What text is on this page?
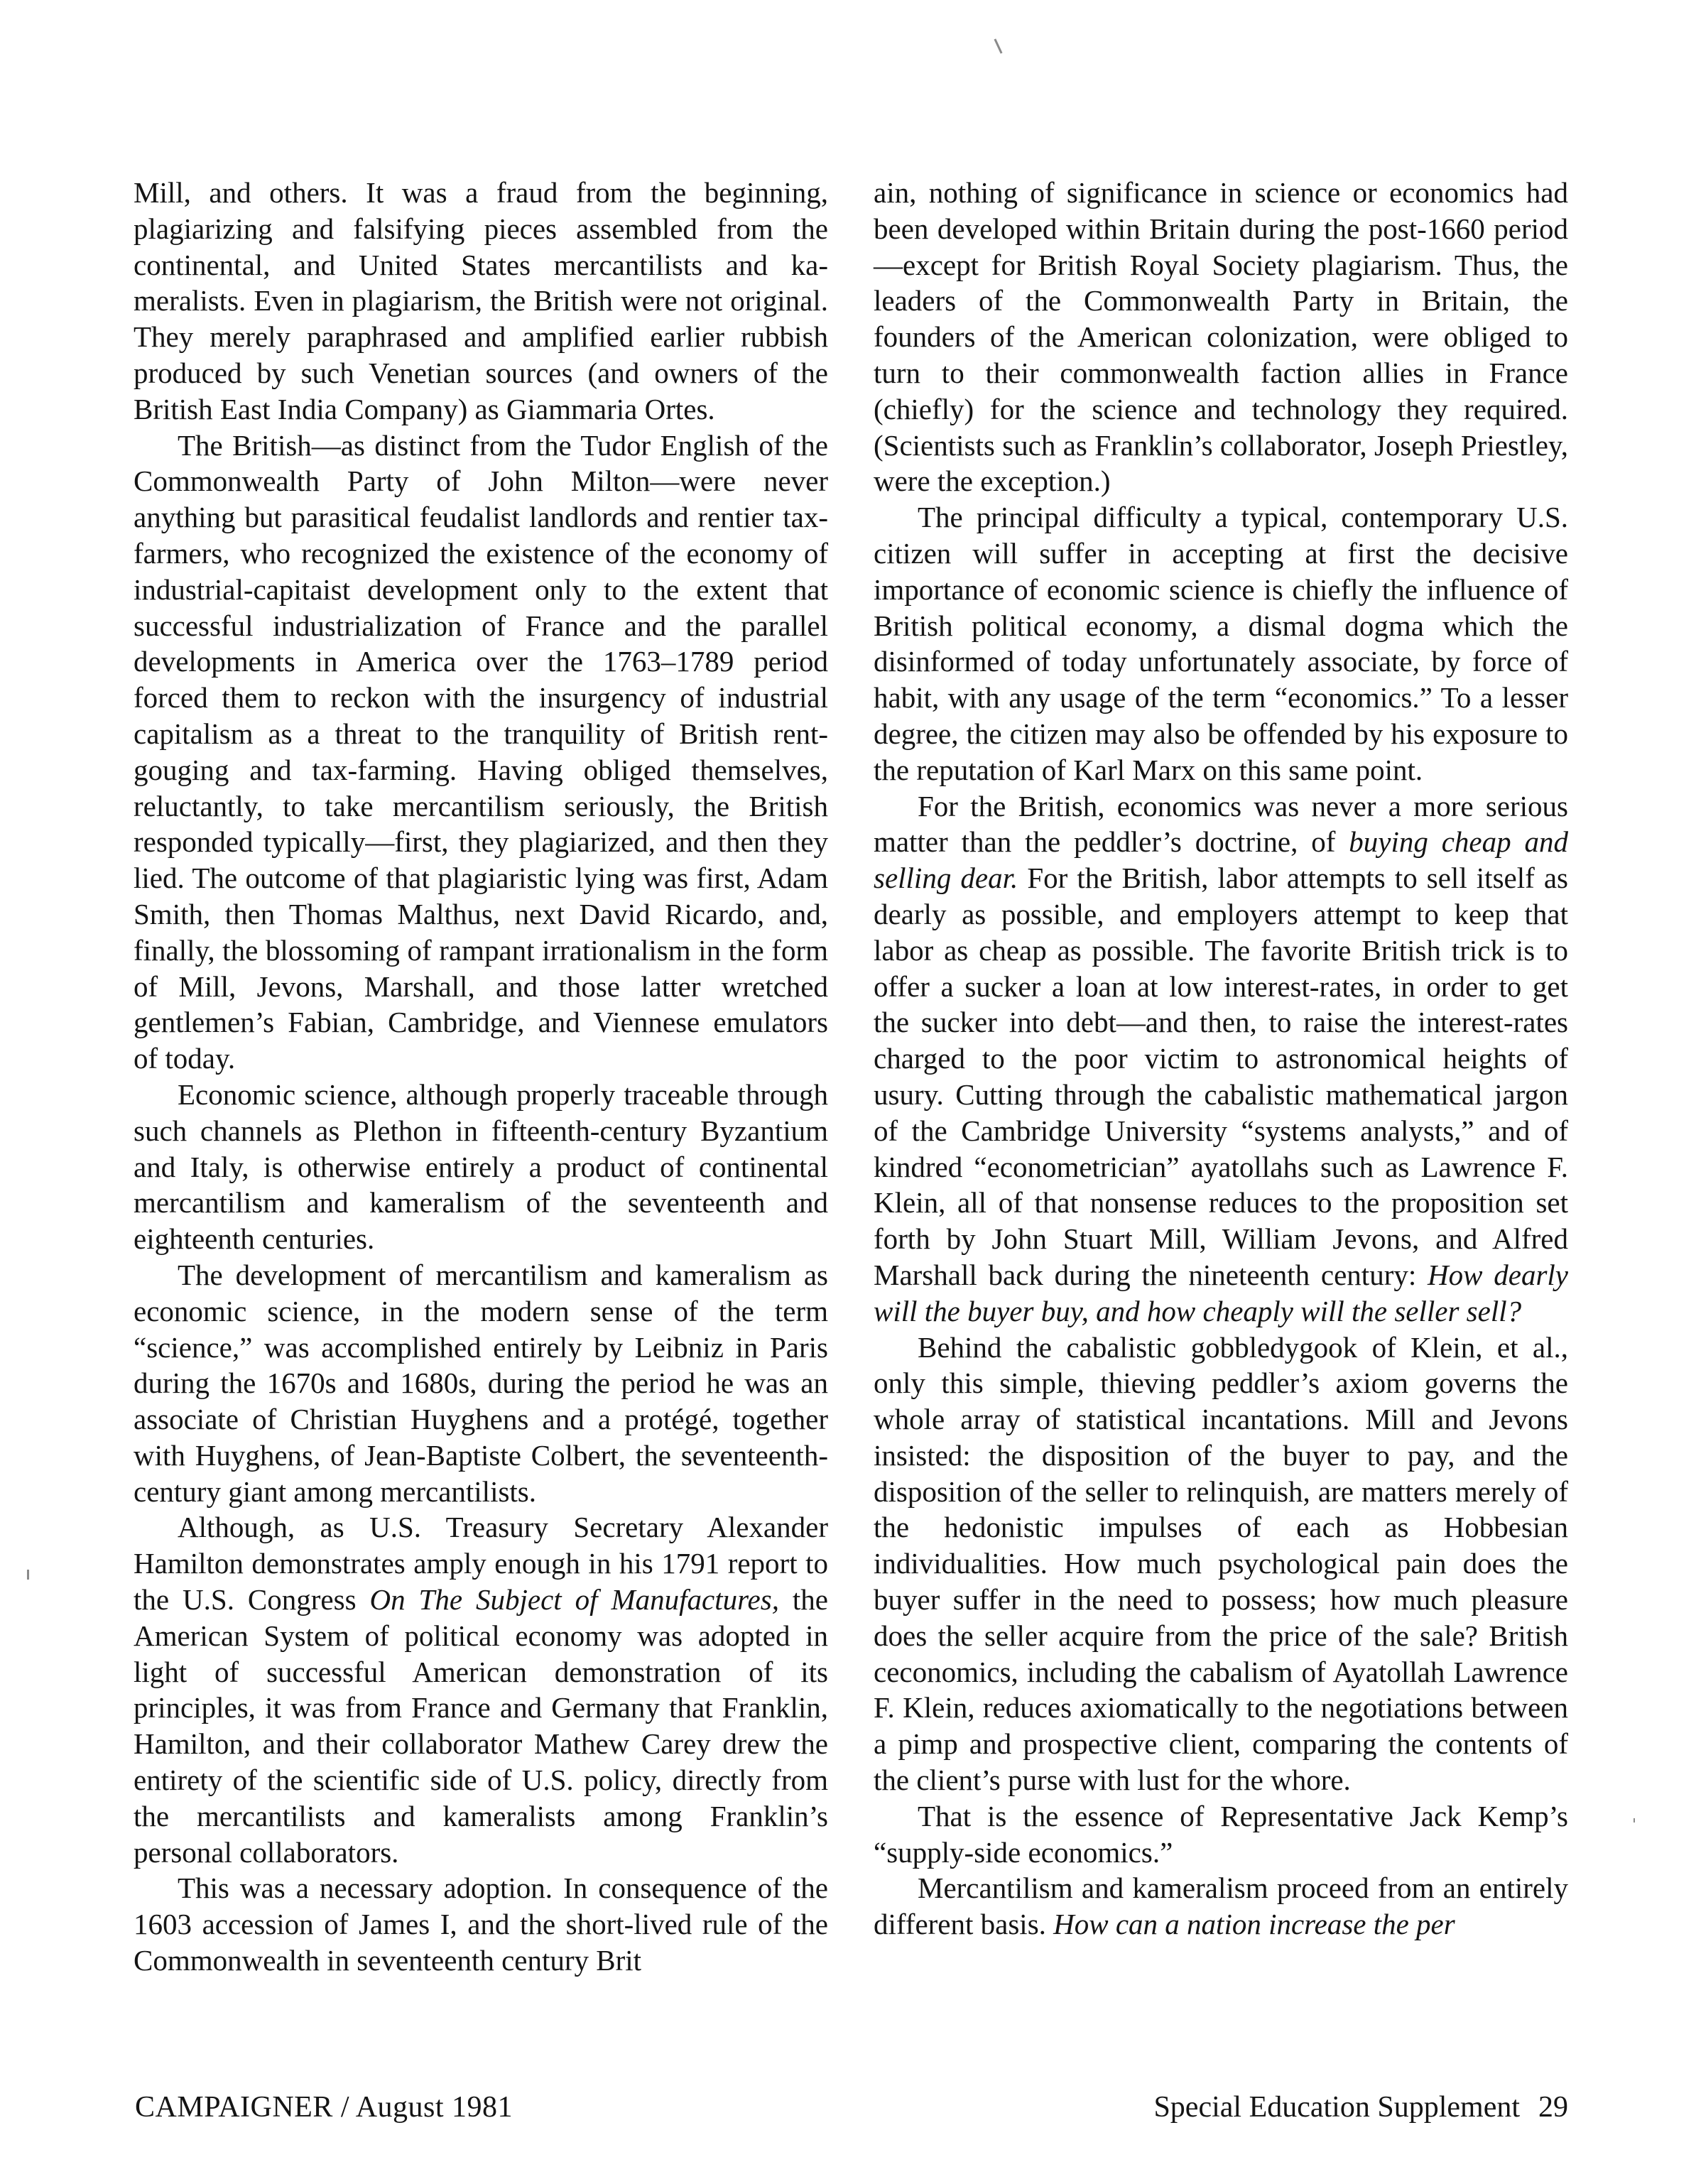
Mill, and others. It was a fraud from the beginning, plagiarizing and falsifying pieces assembled from the continental, and United States mercantilists and kameralists. Even in plagiarism, the British were not original. They merely paraphrased and amplified earlier rubbish produced by such Venetian sources (and owners of the British East India Company) as Giammaria Ortes.

The British—as distinct from the Tudor English of the Commonwealth Party of John Milton—were never anything but parasitical feudalist landlords and rentier tax-farmers, who recognized the existence of the economy of industrial-capitaist development only to the extent that successful industrialization of France and the parallel developments in America over the 1763–1789 period forced them to reckon with the insurgency of industrial capitalism as a threat to the tranquility of British rent-gouging and tax-farming. Having obliged themselves, reluctantly, to take mercantilism seriously, the British responded typically—first, they plagiarized, and then they lied. The outcome of that plagiaristic lying was first, Adam Smith, then Thomas Malthus, next David Ricardo, and, finally, the blossoming of rampant irrationalism in the form of Mill, Jevons, Marshall, and those latter wretched gentlemen’s Fabian, Cambridge, and Viennese emulators of today.

Economic science, although properly traceable through such channels as Plethon in fifteenth-century Byzantium and Italy, is otherwise entirely a product of continental mercantilism and kameralism of the seventeenth and eighteenth centuries.

The development of mercantilism and kameralism as economic science, in the modern sense of the term “science,” was accomplished entirely by Leibniz in Paris during the 1670s and 1680s, during the period he was an associate of Christian Huyghens and a protégé, together with Huyghens, of Jean-Baptiste Colbert, the seventeenth-century giant among mercantilists.

Although, as U.S. Treasury Secretary Alexander Hamilton demonstrates amply enough in his 1791 report to the U.S. Congress On The Subject of Manufactures, the American System of political economy was adopted in light of successful American demonstration of its principles, it was from France and Germany that Franklin, Hamilton, and their collaborator Mathew Carey drew the entirety of the scientific side of U.S. policy, directly from the mercantilists and kameralists among Franklin’s personal collaborators.

This was a necessary adoption. In consequence of the 1603 accession of James I, and the short-lived rule of the Commonwealth in seventeenth century Brit

ain, nothing of significance in science or economics had been developed within Britain during the post-1660 period—except for British Royal Society plagiarism. Thus, the leaders of the Commonwealth Party in Britain, the founders of the American colonization, were obliged to turn to their commonwealth faction allies in France (chiefly) for the science and technology they required. (Scientists such as Franklin’s collaborator, Joseph Priestley, were the exception.)

The principal difficulty a typical, contemporary U.S. citizen will suffer in accepting at first the decisive importance of economic science is chiefly the influence of British political economy, a dismal dogma which the disinformed of today unfortunately associate, by force of habit, with any usage of the term “economics.” To a lesser degree, the citizen may also be offended by his exposure to the reputation of Karl Marx on this same point.

For the British, economics was never a more serious matter than the peddler’s doctrine, of buying cheap and selling dear. For the British, labor attempts to sell itself as dearly as possible, and employers attempt to keep that labor as cheap as possible. The favorite British trick is to offer a sucker a loan at low interest-rates, in order to get the sucker into debt—and then, to raise the interest-rates charged to the poor victim to astronomical heights of usury. Cutting through the cabalistic mathematical jargon of the Cambridge University “systems analysts,” and of kindred “econometrician” ayatollahs such as Lawrence F. Klein, all of that nonsense reduces to the proposition set forth by John Stuart Mill, William Jevons, and Alfred Marshall back during the nineteenth century: How dearly will the buyer buy, and how cheaply will the seller sell?

Behind the cabalistic gobbledygook of Klein, et al., only this simple, thieving peddler’s axiom governs the whole array of statistical incantations. Mill and Jevons insisted: the disposition of the buyer to pay, and the disposition of the seller to relinquish, are matters merely of the hedonistic impulses of each as Hobbesian individualities. How much psychological pain does the buyer suffer in the need to possess; how much pleasure does the seller acquire from the price of the sale? British ceconomics, including the cabalism of Ayatollah Lawrence F. Klein, reduces axiomatically to the negotiations between a pimp and prospective client, comparing the contents of the client’s purse with lust for the whore.

That is the essence of Representative Jack Kemp’s “supply-side economics.”

Mercantilism and kameralism proceed from an entirely different basis. How can a nation increase the per

CAMPAIGNER / August 1981	Special Education Supplement 29
